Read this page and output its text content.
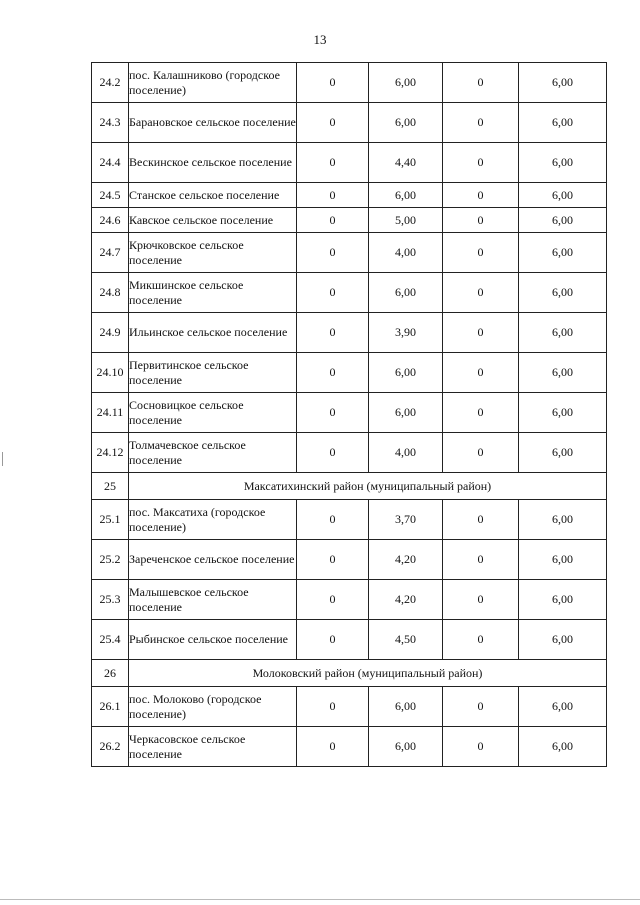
13
24.2	пос. Калашниково (городское поселение)	0	6,00	0	6,00
24.3	Барановское сельское поселение	0	6,00	0	6,00
24.4	Вескинское сельское поселение	0	4,40	0	6,00
24.5	Станское сельское поселение	0	6,00	0	6,00
24.6	Кавское сельское поселение	0	5,00	0	6,00
24.7	Крючковское сельское поселение	0	4,00	0	6,00
24.8	Микшинское сельское поселение	0	6,00	0	6,00
24.9	Ильинское сельское поселение	0	3,90	0	6,00
24.10	Первитинское сельское поселение	0	6,00	0	6,00
24.11	Сосновицкое сельское поселение	0	6,00	0	6,00
24.12	Толмачевское сельское поселение	0	4,00	0	6,00
25	Максатихинский район (муниципальный район)				
25.1	пос. Максатиха (городское поселение)	0	3,70	0	6,00
25.2	Зареченское сельское поселение	0	4,20	0	6,00
25.3	Малышевское сельское поселение	0	4,20	0	6,00
25.4	Рыбинское сельское поселение	0	4,50	0	6,00
26	Молоковский район (муниципальный район)				
26.1	пос. Молоково (городское поселение)	0	6,00	0	6,00
26.2	Черкасовское сельское поселение	0	6,00	0	6,00
